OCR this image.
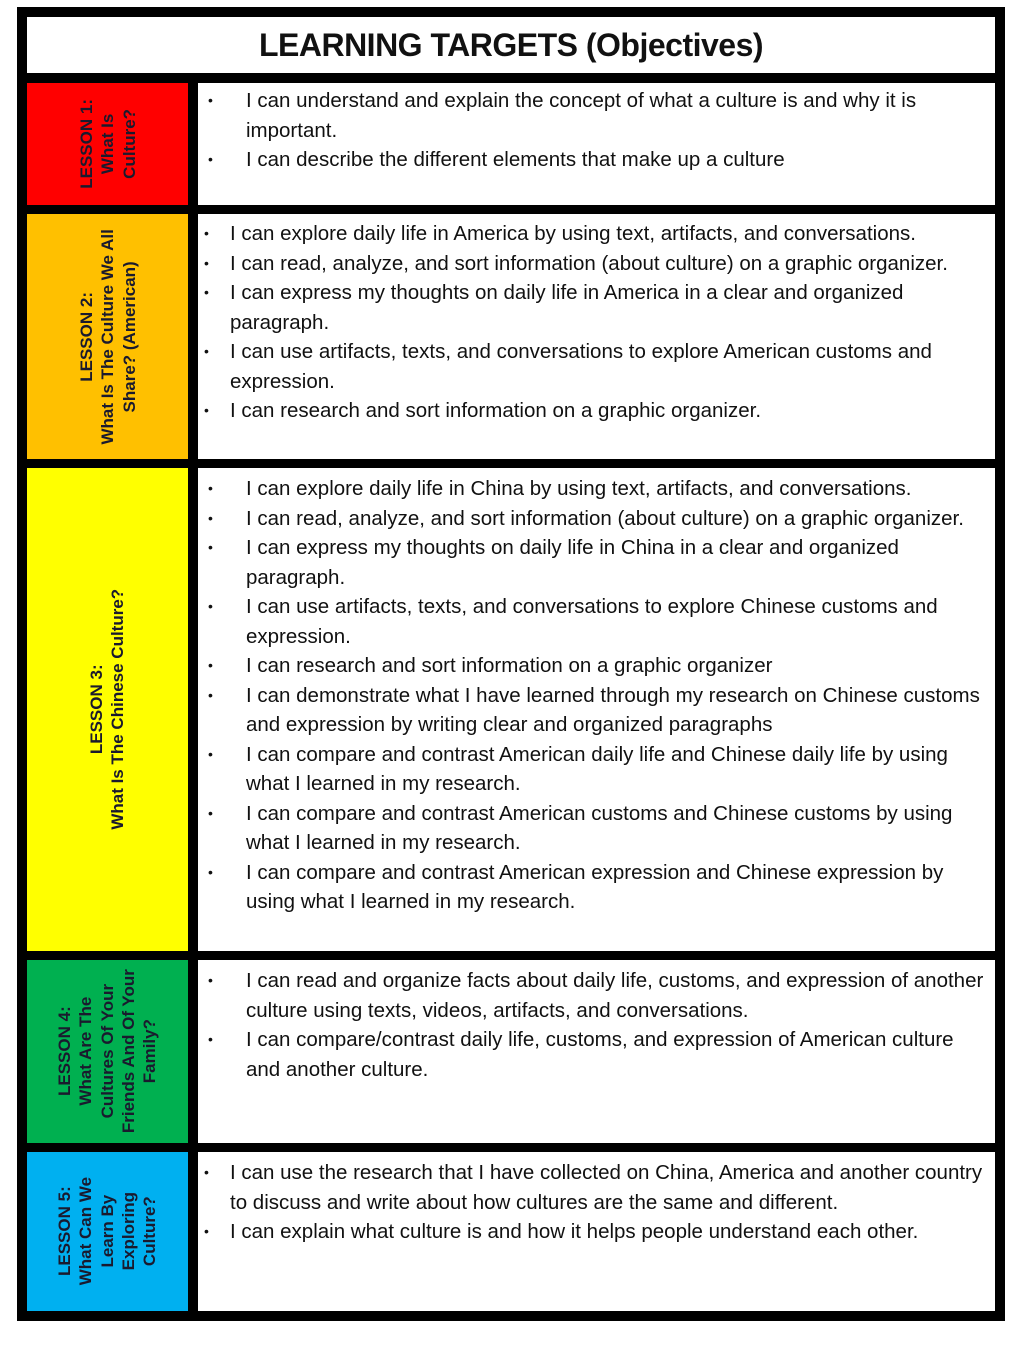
LEARNING TARGETS (Objectives)
LESSON 1: What Is Culture?
• I can understand and explain the concept of what a culture is and why it is important.
• I can describe the different elements that make up a culture
LESSON 2: What Is The Culture We All Share? (American)
• I can explore daily life in America by using text, artifacts, and conversations.
• I can read, analyze, and sort information (about culture) on a graphic organizer.
• I can express my thoughts on daily life in America in a clear and organized paragraph.
• I can use artifacts, texts, and conversations to explore American customs and expression.
• I can research and sort information on a graphic organizer.
LESSON 3: What Is The Chinese Culture?
• I can explore daily life in China by using text, artifacts, and conversations.
• I can read, analyze, and sort information (about culture) on a graphic organizer.
• I can express my thoughts on daily life in China in a clear and organized paragraph.
• I can use artifacts, texts, and conversations to explore Chinese customs and expression.
• I can research and sort information on a graphic organizer
• I can demonstrate what I have learned through my research on Chinese customs and expression by writing clear and organized paragraphs
• I can compare and contrast American daily life and Chinese daily life by using what I learned in my research.
• I can compare and contrast American customs and Chinese customs by using what I learned in my research.
• I can compare and contrast American expression and Chinese expression by using what I learned in my research.
LESSON 4: What Are The Cultures Of Your Friends And Of Your Family?
• I can read and organize facts about daily life, customs, and expression of another culture using texts, videos, artifacts, and conversations.
• I can compare/contrast daily life, customs, and expression of American culture and another culture.
LESSON 5: What Can We Learn By Exploring Culture?
• I can use the research that I have collected on China, America and another country to discuss and write about how cultures are the same and different.
• I can explain what culture is and how it helps people understand each other.
